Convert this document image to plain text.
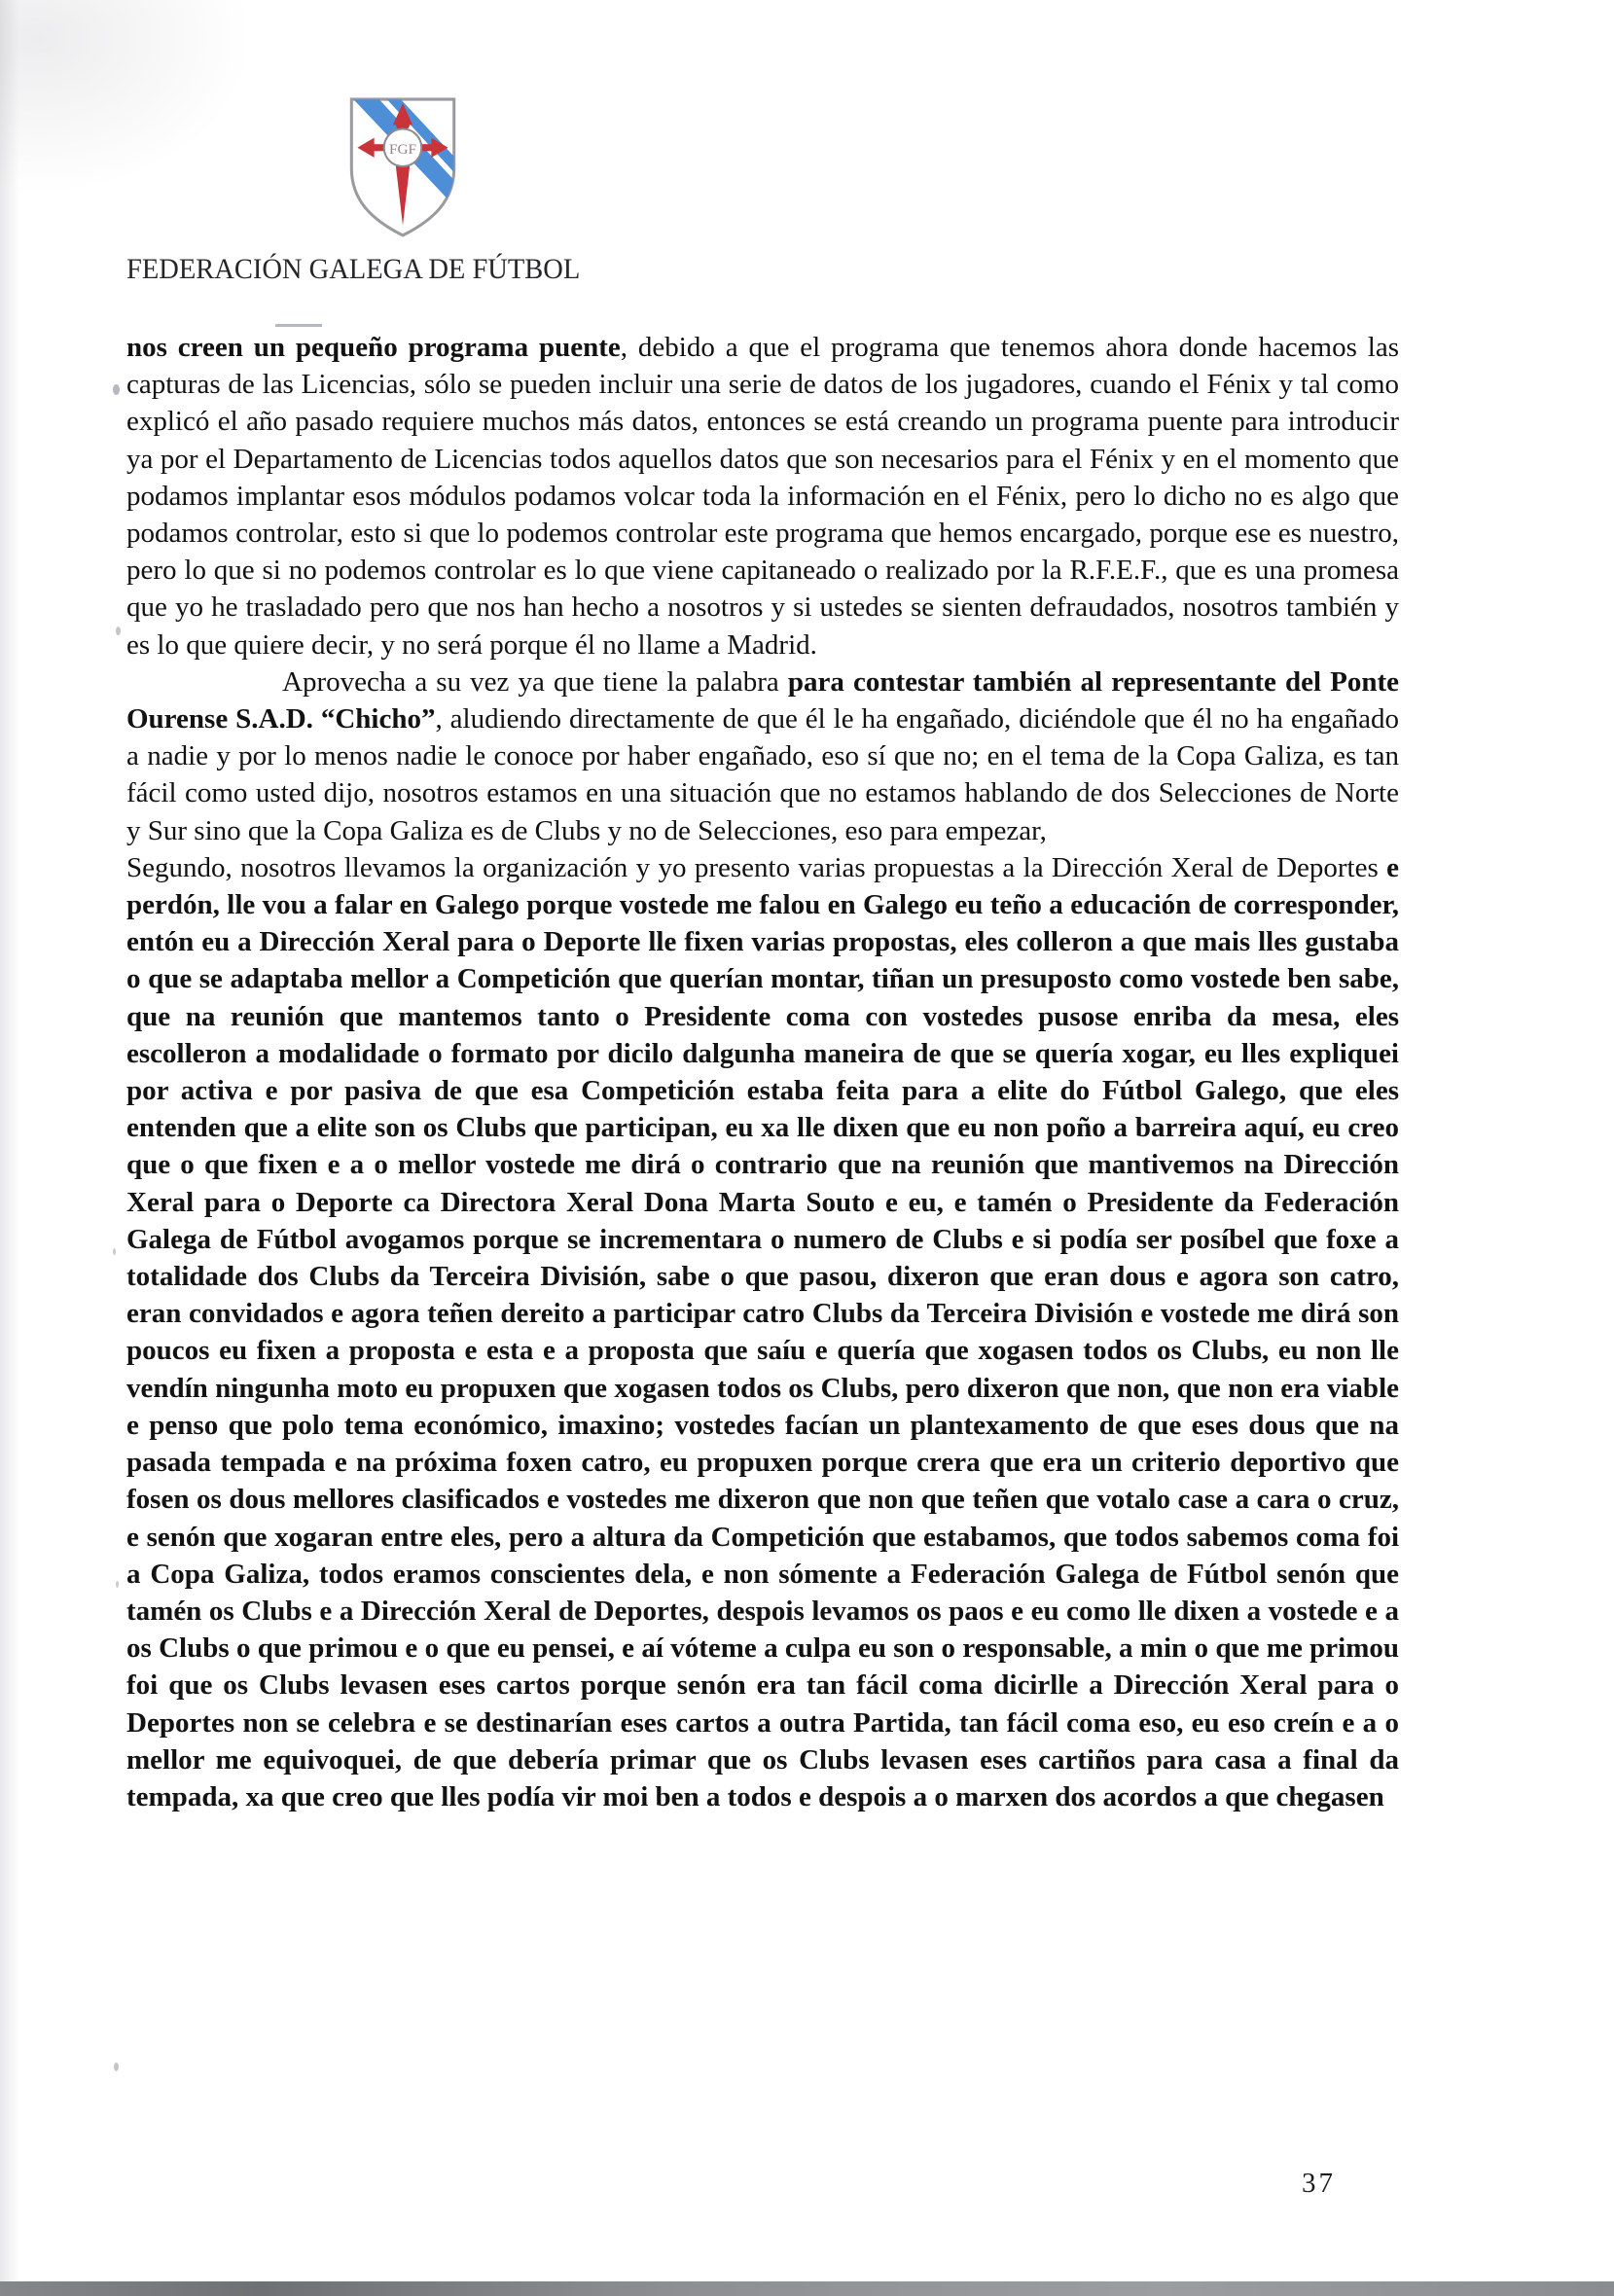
FGF
FEDERACIÓN GALEGA DE FÚTBOL

nos creen un pequeño programa puente, debido a que el programa que tenemos ahora donde hacemos las capturas de las Licencias, sólo se pueden incluir una serie de datos de los jugadores, cuando el Fénix y tal como explicó el año pasado requiere muchos más datos, entonces se está creando un programa puente para introducir ya por el Departamento de Licencias todos aquellos datos que son necesarios para el Fénix y en el momento que podamos implantar esos módulos podamos volcar toda la información en el Fénix, pero lo dicho no es algo que podamos controlar, esto si que lo podemos controlar este programa que hemos encargado, porque ese es nuestro, pero lo que si no podemos controlar es lo que viene capitaneado o realizado por la R.F.E.F., que es una promesa que yo he trasladado pero que nos han hecho a nosotros y si ustedes se sienten defraudados, nosotros también y es lo que quiere decir, y no será porque él no llame a Madrid.

Aprovecha a su vez ya que tiene la palabra para contestar también al representante del Ponte Ourense S.A.D. “Chicho”, aludiendo directamente de que él le ha engañado, diciéndole que él no ha engañado a nadie y por lo menos nadie le conoce por haber engañado, eso sí que no; en el tema de la Copa Galiza, es tan fácil como usted dijo, nosotros estamos en una situación que no estamos hablando de dos Selecciones de Norte y Sur sino que la Copa Galiza es de Clubs y no de Selecciones, eso para empezar,

Segundo, nosotros llevamos la organización y yo presento varias propuestas a la Dirección Xeral de Deportes e perdón, lle vou a falar en Galego porque vostede me falou en Galego eu teño a educación de corresponder, entón eu a Dirección Xeral para o Deporte lle fixen varias propostas, eles colleron a que mais lles gustaba o que se adaptaba mellor a Competición que querían montar, tiñan un presuposto como vostede ben sabe, que na reunión que mantemos tanto o Presidente coma con vostedes pusose enriba da mesa, eles escolleron a modalidade o formato por dicilo dalgunha maneira de que se quería xogar, eu lles expliquei por activa e por pasiva de que esa Competición estaba feita para a elite do Fútbol Galego, que eles entenden que a elite son os Clubs que participan, eu xa lle dixen que eu non poño a barreira aquí, eu creo que o que fixen e a o mellor vostede me dirá o contrario que na reunión que mantivemos na Dirección Xeral para o Deporte ca Directora Xeral Dona Marta Souto e eu, e tamén o Presidente da Federación Galega de Fútbol avogamos porque se incrementara o numero de Clubs e si podía ser posíbel que foxe a totalidade dos Clubs da Terceira División, sabe o que pasou, dixeron que eran dous e agora son catro, eran convidados e agora teñen dereito a participar catro Clubs da Terceira División e vostede me dirá son poucos eu fixen a proposta e esta e a proposta que saíu e quería que xogasen todos os Clubs, eu non lle vendín ningunha moto eu propuxen que xogasen todos os Clubs, pero dixeron que non, que non era viable e penso que polo tema económico, imaxino; vostedes facían un plantexamento de que eses dous que na pasada tempada e na próxima foxen catro, eu propuxen porque crera que era un criterio deportivo que fosen os dous mellores clasificados e vostedes me dixeron que non que teñen que votalo case a cara o cruz, e senón que xogaran entre eles, pero a altura da Competición que estabamos, que todos sabemos coma foi a Copa Galiza, todos eramos conscientes dela, e non sómente a Federación Galega de Fútbol senón que tamén os Clubs e a Dirección Xeral de Deportes, despois levamos os paos e eu como lle dixen a vostede e a os Clubs o que primou e o que eu pensei, e aí vóteme a culpa eu son o responsable, a min o que me primou foi que os Clubs levasen eses cartos porque senón era tan fácil coma dicirlle a Dirección Xeral para o Deportes non se celebra e se destinarían eses cartos a outra Partida, tan fácil coma eso, eu eso creín e a o mellor me equivoquei, de que debería primar que os Clubs levasen eses cartiños para casa a final da tempada, xa que creo que lles podía vir moi ben a todos e despois a o marxen dos acordos a que chegasen

37
